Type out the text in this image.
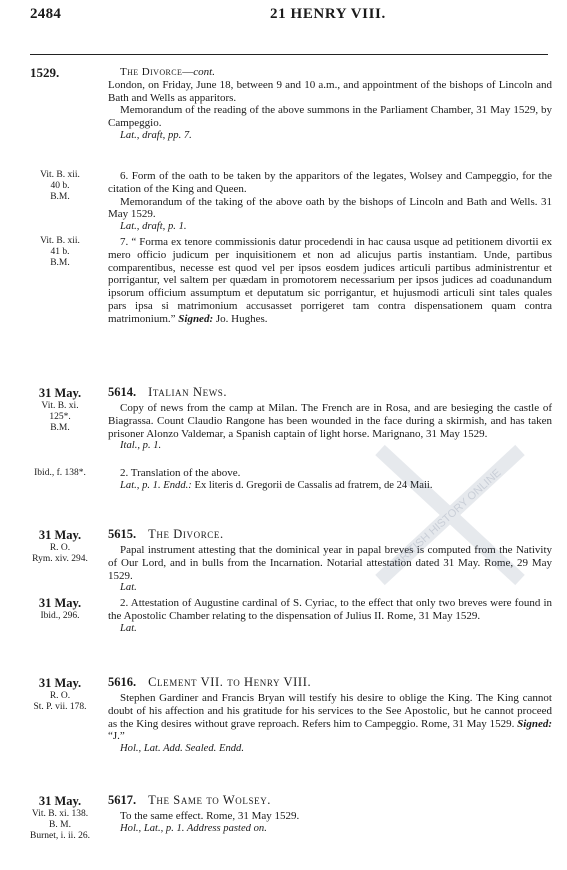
2484	21 HENRY VIII.
1529.	The Divorce—cont.
London, on Friday, June 18, between 9 and 10 a.m., and appointment of the bishops of Lincoln and Bath and Wells as apparitors.
Memorandum of the reading of the above summons in the Parliament Chamber, 31 May 1529, by Campeggio.
Lat., draft, pp. 7.
Vit. B. xii.
40 b.
B.M.
6. Form of the oath to be taken by the apparitors of the legates, Wolsey and Campeggio, for the citation of the King and Queen.
Memorandum of the taking of the above oath by the bishops of Lincoln and Bath and Wells. 31 May 1529.
Lat., draft, p. 1.
Vit. B. xii.
41 b.
B.M.
7. “ Forma ex tenore commissionis datur procedendi in hac causa usque ad petitionem divortii ex mero officio judicum per inquisitionem et non ad alicujus partis instantiam. Unde, partibus comparentibus, necesse est quod vel per ipsos eosdem judices articuli partibus administrentur et porrigantur, vel saltem per quædam in promotorem necessarium per ipsos judices ad coadunandum ipsorum officium assumptum et deputatum sic porrigantur, et hujusmodi articuli sint tales quales pars ipsa si matrimonium accusasset porrigeret tam contra dispensationem quam contra matrimonium.” Signed: Jo. Hughes.
31 May.
Vit. B. xi.
125*.
B.M.
5614. Italian News.
Copy of news from the camp at Milan. The French are in Rosa, and are besieging the castle of Biagrassa. Count Claudio Rangone has been wounded in the face during a skirmish, and has taken prisoner Alonzo Valdemar, a Spanish captain of light horse. Marignano, 31 May 1529.
Ital., p. 1.
Ibid., f. 138*.	2. Translation of the above.
Lat., p. 1. Endd.: Ex literis d. Gregorii de Cassalis ad fratrem, de 24 Maii.
31 May.
R. O.
Rym. xiv. 294.
5615. The Divorce.
Papal instrument attesting that the dominical year in papal breves is computed from the Nativity of Our Lord, and in bulls from the Incarnation. Notarial attestation dated 31 May. Rome, 29 May 1529.
Lat.
31 May.
Ibid., 296.
2. Attestation of Augustine cardinal of S. Cyriac, to the effect that only two breves were found in the Apostolic Chamber relating to the dispensation of Julius II. Rome, 31 May 1529.
Lat.
31 May.
R. O.
St. P. vii. 178.
5616. Clement VII. to Henry VIII.
Stephen Gardiner and Francis Bryan will testify his desire to oblige the King. The King cannot doubt of his affection and his gratitude for his services to the See Apostolic, but he cannot proceed as the King desires without grave reproach. Refers him to Campeggio. Rome, 31 May 1529. Signed: “J.”
Hol., Lat. Add. Sealed. Endd.
31 May.
Vit. B. xi. 138.
B. M.
Burnet, i. ii. 26.
5617. The Same to Wolsey.
To the same effect. Rome, 31 May 1529.
Hol., Lat., p. 1. Address pasted on.
BRITISH HISTORY ONLINE
